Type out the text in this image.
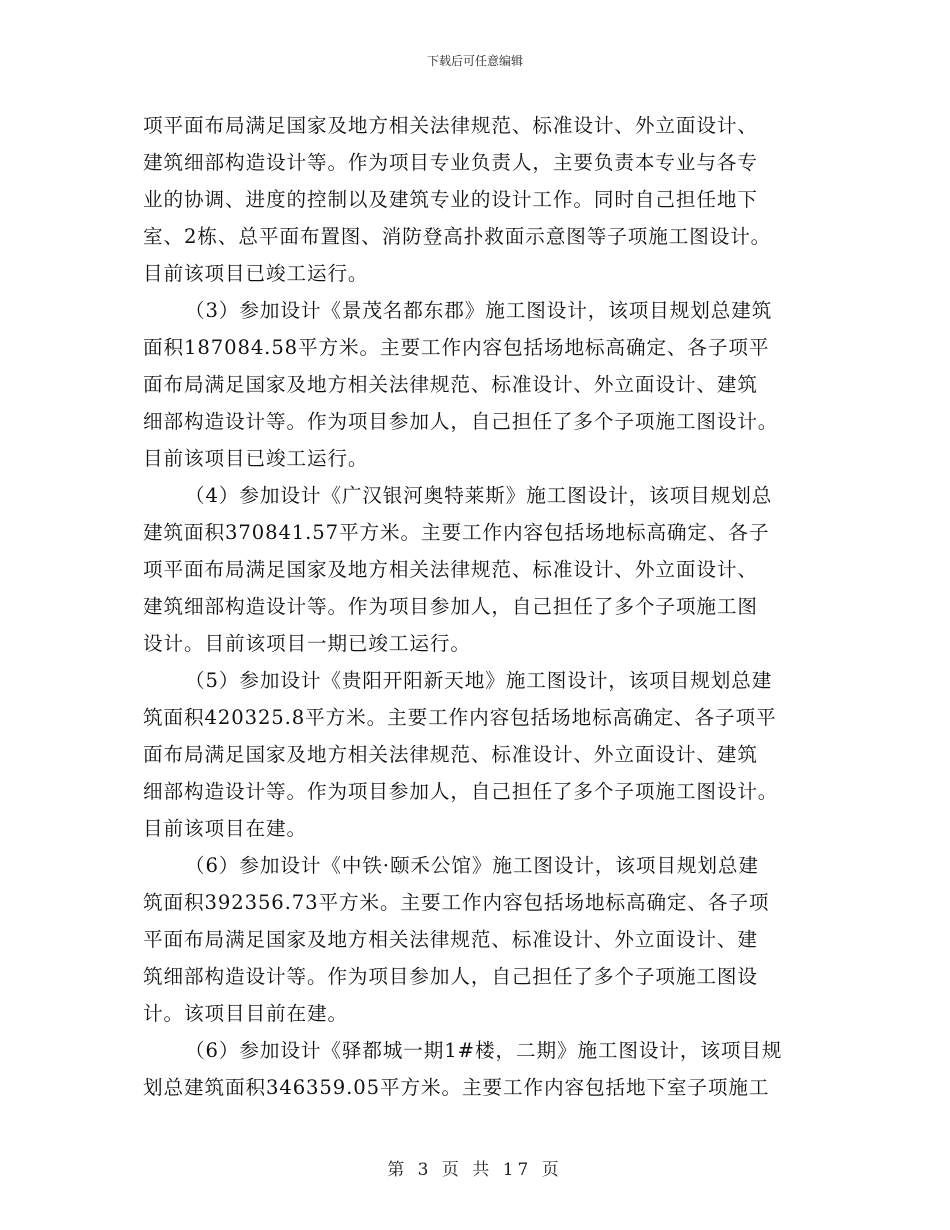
下载后可任意编辑
项平面布局满足国家及地方相关法律规范、标准设计、外立面设计、
建筑细部构造设计等。作为项目专业负责人，主要负责本专业与各专
业的协调、进度的控制以及建筑专业的设计工作。同时自己担任地下
室、2栋、总平面布置图、消防登高扑救面示意图等子项施工图设计。
目前该项目已竣工运行。
（3）参加设计《景茂名都东郡》施工图设计，该项目规划总建筑
面积187084.58平方米。主要工作内容包括场地标高确定、各子项平
面布局满足国家及地方相关法律规范、标准设计、外立面设计、建筑
细部构造设计等。作为项目参加人，自己担任了多个子项施工图设计。
目前该项目已竣工运行。
（4）参加设计《广汉银河奥特莱斯》施工图设计，该项目规划总
建筑面积370841.57平方米。主要工作内容包括场地标高确定、各子
项平面布局满足国家及地方相关法律规范、标准设计、外立面设计、
建筑细部构造设计等。作为项目参加人，自己担任了多个子项施工图
设计。目前该项目一期已竣工运行。
（5）参加设计《贵阳开阳新天地》施工图设计，该项目规划总建
筑面积420325.8平方米。主要工作内容包括场地标高确定、各子项平
面布局满足国家及地方相关法律规范、标准设计、外立面设计、建筑
细部构造设计等。作为项目参加人，自己担任了多个子项施工图设计。
目前该项目在建。
（6）参加设计《中铁·颐禾公馆》施工图设计，该项目规划总建
筑面积392356.73平方米。主要工作内容包括场地标高确定、各子项
平面布局满足国家及地方相关法律规范、标准设计、外立面设计、建
筑细部构造设计等。作为项目参加人，自己担任了多个子项施工图设
计。该项目目前在建。
（6）参加设计《驿都城一期1#楼，二期》施工图设计，该项目规
划总建筑面积346359.05平方米。主要工作内容包括地下室子项施工
第 3 页 共 17 页
